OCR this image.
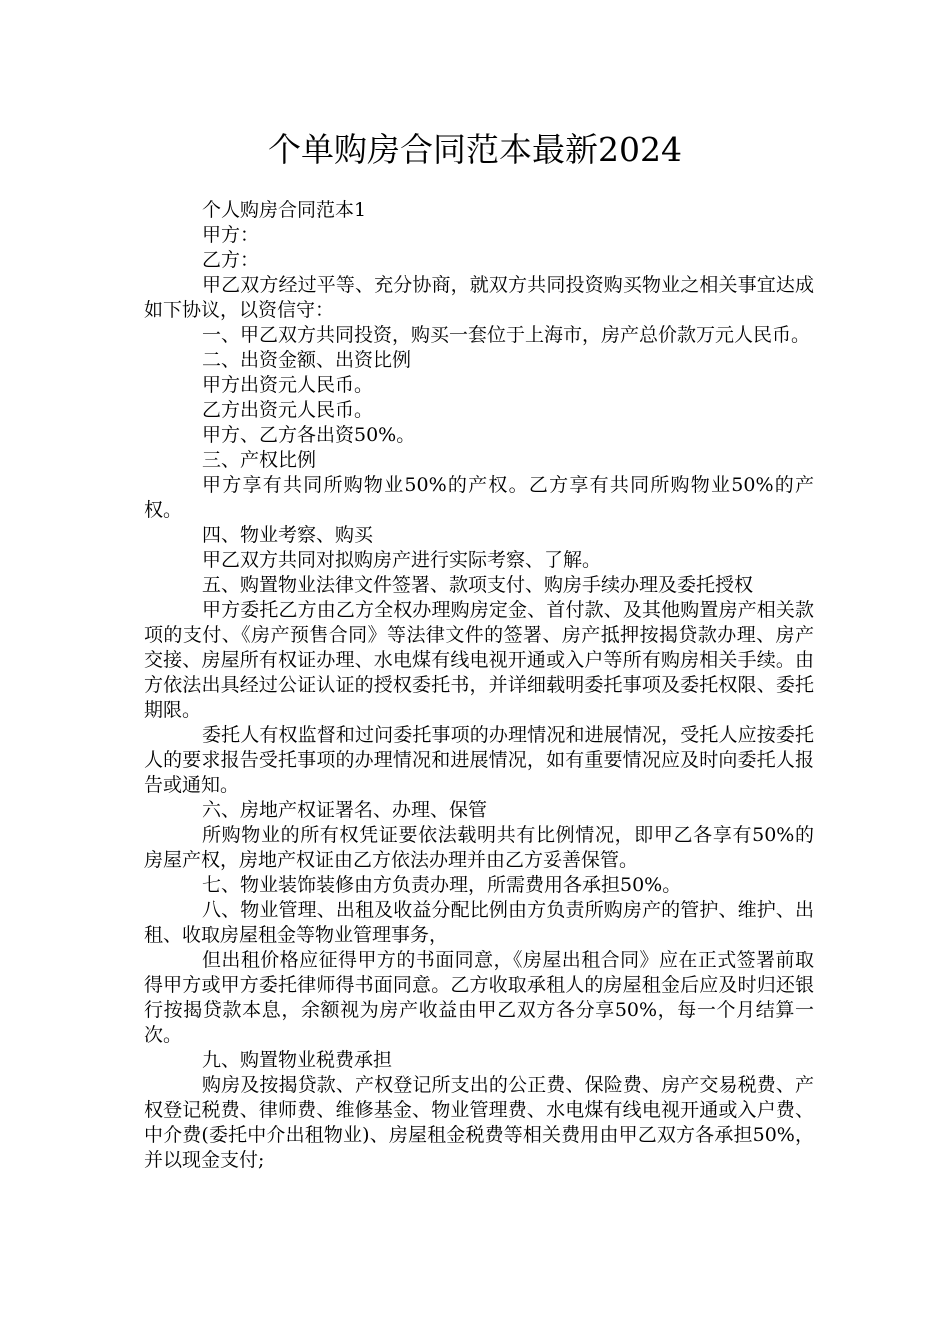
个单购房合同范本最新2024

个人购房合同范本1

甲方：

乙方：

甲乙双方经过平等、充分协商，就双方共同投资购买物业之相关事宜达成如下协议，以资信守：

一、甲乙双方共同投资，购买一套位于上海市，房产总价款万元人民币。

二、出资金额、出资比例

甲方出资元人民币。

乙方出资元人民币。

甲方、乙方各出资50%。

三、产权比例

甲方享有共同所购物业50%的产权。乙方享有共同所购物业50%的产权。

四、物业考察、购买

甲乙双方共同对拟购房产进行实际考察、了解。

五、购置物业法律文件签署、款项支付、购房手续办理及委托授权

甲方委托乙方由乙方全权办理购房定金、首付款、及其他购置房产相关款项的支付、《房产预售合同》等法律文件的签署、房产抵押按揭贷款办理、房产交接、房屋所有权证办理、水电煤有线电视开通或入户等所有购房相关手续。由方依法出具经过公证认证的授权委托书，并详细载明委托事项及委托权限、委托期限。

委托人有权监督和过问委托事项的办理情况和进展情况，受托人应按委托人的要求报告受托事项的办理情况和进展情况，如有重要情况应及时向委托人报告或通知。

六、房地产权证署名、办理、保管

所购物业的所有权凭证要依法载明共有比例情况，即甲乙各享有50%的房屋产权，房地产权证由乙方依法办理并由乙方妥善保管。

七、物业装饰装修由方负责办理，所需费用各承担50%。

八、物业管理、出租及收益分配比例由方负责所购房产的管护、维护、出租、收取房屋租金等物业管理事务，

但出租价格应征得甲方的书面同意，《房屋出租合同》应在正式签署前取得甲方或甲方委托律师得书面同意。乙方收取承租人的房屋租金后应及时归还银行按揭贷款本息，余额视为房产收益由甲乙双方各分享50%，每一个月结算一次。

九、购置物业税费承担

购房及按揭贷款、产权登记所支出的公正费、保险费、房产交易税费、产权登记税费、律师费、维修基金、物业管理费、水电煤有线电视开通或入户费、中介费(委托中介出租物业)、房屋租金税费等相关费用由甲乙双方各承担50%，并以现金支付;
